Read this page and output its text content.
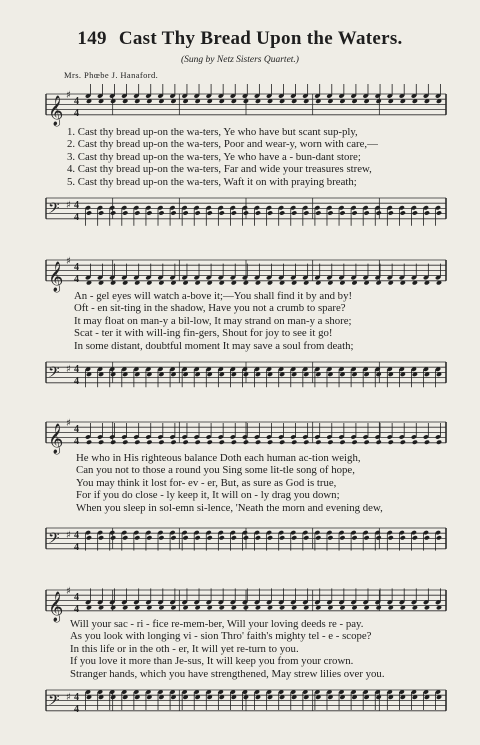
149 Cast Thy Bread Upon the Waters.
(Sung by Netz Sisters Quartet.)
Mrs. Phœbe J. Hanaford.
𝄞
♯
4
4
1. Cast thy bread up-on the wa-ters, Ye who have but scant sup-ply,
2. Cast thy bread up-on the wa-ters, Poor and wear-y, worn with care,—
3. Cast thy bread up-on the wa-ters, Ye who have a - bun-dant store;
4. Cast thy bread up-on the wa-ters, Far and wide your treasures strew,
5. Cast thy bread up-on the wa-ters, Waft it on with praying breath;
𝄢 ♯ 4
4
𝄞
♯
4
4
An - gel eyes will watch a-bove it;—You shall find it by and by!
Oft - en sit-ting in the shadow, Have you not a crumb to spare?
It may float on man-y a bil-low, It may strand on man-y a shore;
Scat - ter it with will-ing fin-gers, Shout for joy to see it go!
In some distant, doubtful moment It may save a soul from death;
𝄢 ♯ 4
4
𝄞
♯
4
4
He who in His righteous balance Doth each human ac-tion weigh,
Can you not to those a round you Sing some lit-tle song of hope,
You may think it lost for- ev - er, But, as sure as God is true,
For if you do close - ly keep it, It will on - ly drag you down;
When you sleep in sol-emn si-lence, 'Neath the morn and evening dew,
𝄢 ♯ 4
4
𝄞
♯
4
4
Will your sac - ri - fice re-mem-ber, Will your loving deeds re - pay.
As you look with longing vi - sion Thro' faith's mighty tel - e - scope?
In this life or in the oth - er, It will yet re-turn to you.
If you love it more than Je-sus, It will keep you from your crown.
Stranger hands, which you have strengthened, May strew lilies over you.
𝄢 ♯ 4
4
